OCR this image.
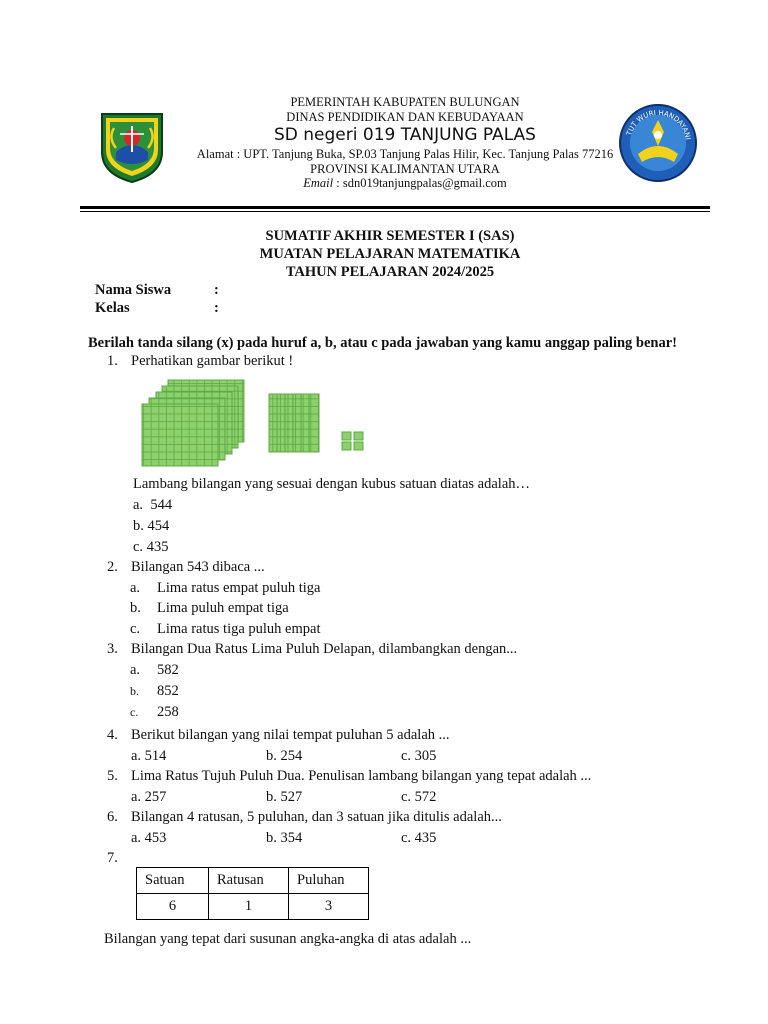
TUT WURI HANDAYANI
PEMERINTAH KABUPATEN BULUNGAN
DINAS PENDIDIKAN DAN KEBUDAYAAN
SD negeri 019 TANJUNG PALAS
Alamat : UPT. Tanjung Buka, SP.03 Tanjung Palas Hilir, Kec. Tanjung Palas 77216
PROVINSI KALIMANTAN UTARA
Email : sdn019tanjungpalas@gmail.com
SUMATIF AKHIR SEMESTER I (SAS)
MUATAN PELAJARAN MATEMATIKA
TAHUN PELAJARAN 2024/2025
Nama Siswa	:
Kelas	:
Berilah tanda silang (x) pada huruf a, b, atau c pada jawaban yang kamu anggap paling benar!
1. Perhatikan gambar berikut !
Lambang bilangan yang sesuai dengan kubus satuan diatas adalah…
a. 544
b. 454
c. 435
2. Bilangan 543 dibaca ...
a. Lima ratus empat puluh tiga
b. Lima puluh empat tiga
c. Lima ratus tiga puluh empat
3. Bilangan Dua Ratus Lima Puluh Delapan, dilambangkan dengan...
a. 582
b. 852
c. 258
4. Berikut bilangan yang nilai tempat puluhan 5 adalah ...
a. 514	b. 254	c. 305
5. Lima Ratus Tujuh Puluh Dua. Penulisan lambang bilangan yang tepat adalah ...
a. 257	b. 527	c. 572
6. Bilangan 4 ratusan, 5 puluhan, dan 3 satuan jika ditulis adalah...
a. 453	b. 354	c. 435
7.
Satuan	Ratusan	Puluhan
6	1	3
Bilangan yang tepat dari susunan angka-angka di atas adalah ...
